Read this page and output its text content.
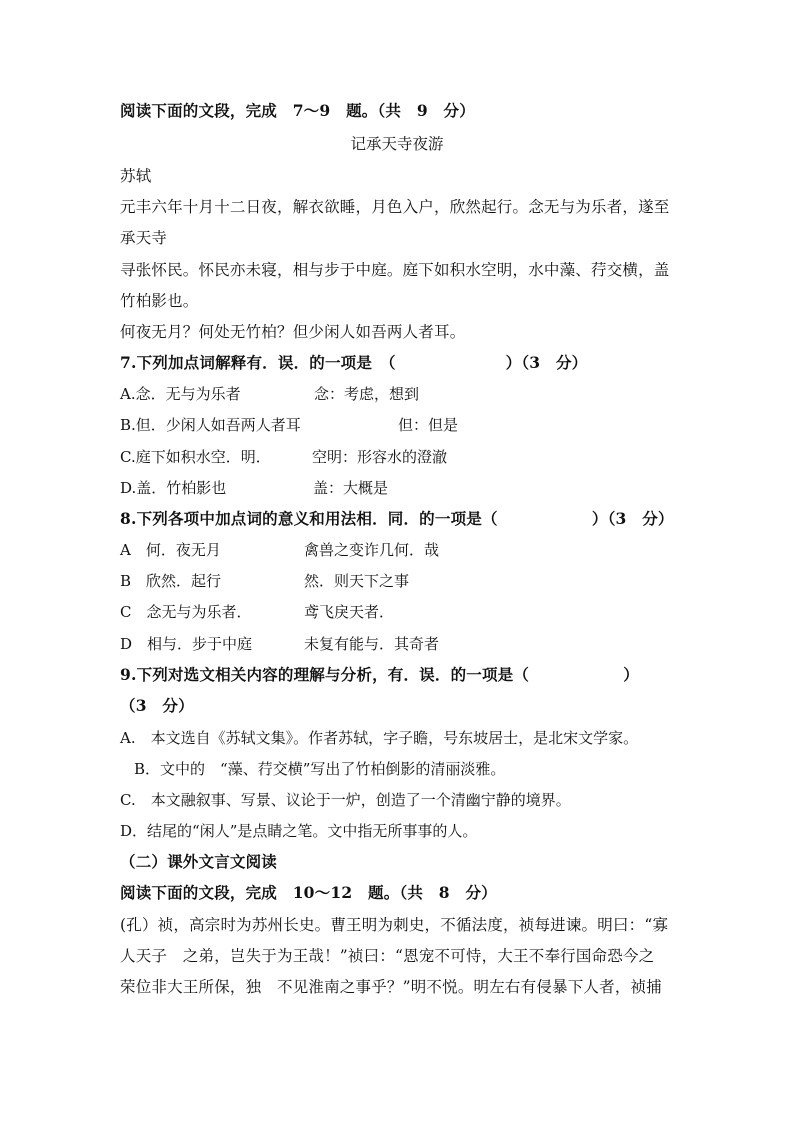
阅读下面的文段，完成　7～9　题。（共　9　分）
记承天寺夜游
苏轼
元丰六年十月十二日夜，解衣欲睡，月色入户，欣然起行。念无与为乐者，遂至
承天寺
寻张怀民。怀民亦未寝，相与步于中庭。庭下如积水空明，水中藻、荇交横，盖
竹柏影也。
何夜无月？何处无竹柏？但少闲人如吾两人者耳。
7.下列加点词解释有．误．的一项是　（　　　　　　　）（3　分）
A.念．无与为乐者	念：考虑，想到
B.但．少闲人如吾两人者耳	但：但是
C.庭下如积水空．明．	空明：形容水的澄澈
D.盖．竹柏影也	盖：大概是
8.下列各项中加点词的意义和用法相．同．的一项是（　　　　　　）（3　分）
A　何．夜无月	禽兽之变诈几何．哉
B　欣然．起行	然．则天下之事
C　念无与为乐者．	鸢飞戾天者．
D　相与．步于中庭	未复有能与．其奇者
9.下列对选文相关内容的理解与分析，有．误．的一项是（　　　　　　）
（3　分）
A.　本文选自《苏轼文集》。作者苏轼，字子瞻，号东坡居士，是北宋文学家。
B．文中的　“藻、荇交横”写出了竹柏倒影的清丽淡雅。
C.　本文融叙事、写景、议论于一炉，创造了一个清幽宁静的境界。
D．结尾的“闲人”是点睛之笔。文中指无所事事的人。
（二）课外文言文阅读
阅读下面的文段，完成　10～12　题。（共　8　分）
(孔）祯，高宗时为苏州长史。曹王明为刺史，不循法度，祯每进谏。明曰：“寡
人天子　之弟，岂失于为王哉！”祯曰：“恩宠不可恃，大王不奉行国命恐今之
荣位非大王所保，独　不见淮南之事乎？”明不悦。明左右有侵暴下人者，祯捕
